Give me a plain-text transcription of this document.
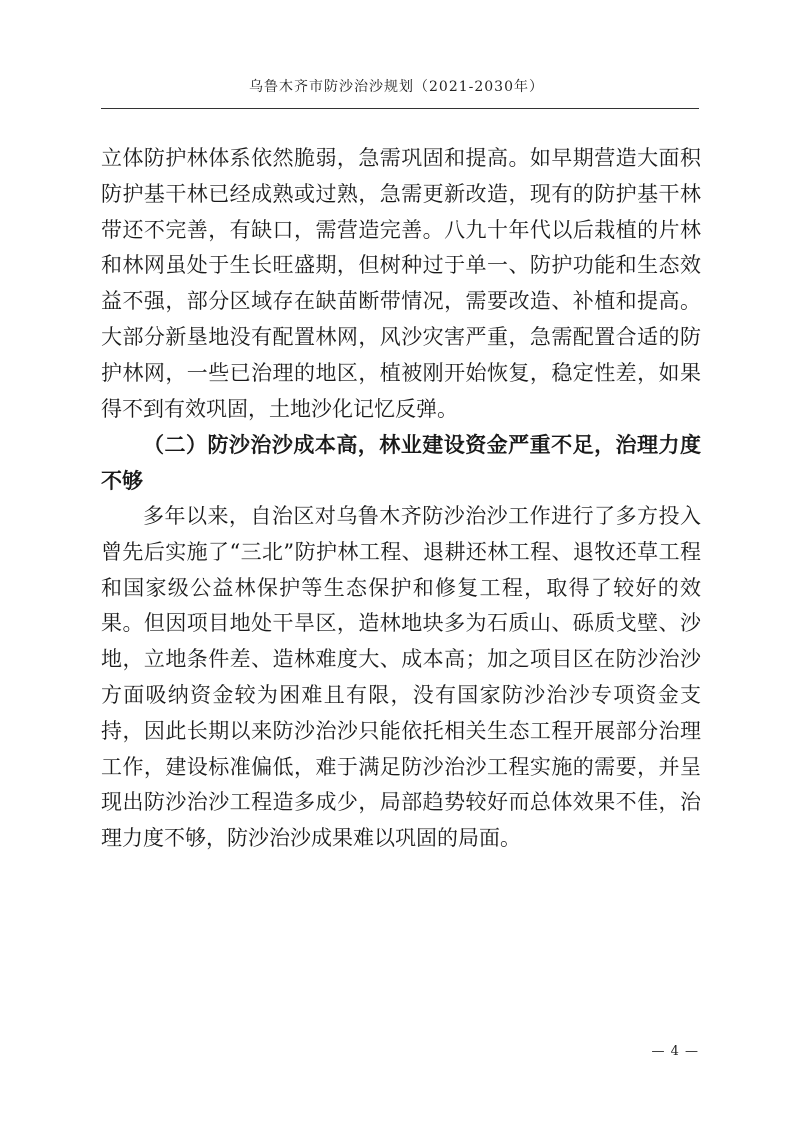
乌鲁木齐市防沙治沙规划（2021-2030年）

立体防护林体系依然脆弱，急需巩固和提高。如早期营造大面积防护基干林已经成熟或过熟，急需更新改造，现有的防护基干林带还不完善，有缺口，需营造完善。八九十年代以后栽植的片林和林网虽处于生长旺盛期，但树种过于单一、防护功能和生态效益不强，部分区域存在缺苗断带情况，需要改造、补植和提高。大部分新垦地没有配置林网，风沙灾害严重，急需配置合适的防护林网，一些已治理的地区，植被刚开始恢复，稳定性差，如果得不到有效巩固，土地沙化记忆反弹。

（二）防沙治沙成本高，林业建设资金严重不足，治理力度不够

多年以来，自治区对乌鲁木齐防沙治沙工作进行了多方投入曾先后实施了“三北”防护林工程、退耕还林工程、退牧还草工程和国家级公益林保护等生态保护和修复工程，取得了较好的效果。但因项目地处干旱区，造林地块多为石质山、砾质戈壁、沙地，立地条件差、造林难度大、成本高；加之项目区在防沙治沙方面吸纳资金较为困难且有限，没有国家防沙治沙专项资金支持，因此长期以来防沙治沙只能依托相关生态工程开展部分治理工作，建设标准偏低，难于满足防沙治沙工程实施的需要，并呈现出防沙治沙工程造多成少，局部趋势较好而总体效果不佳，治理力度不够，防沙治沙成果难以巩固的局面。

— 4 —
